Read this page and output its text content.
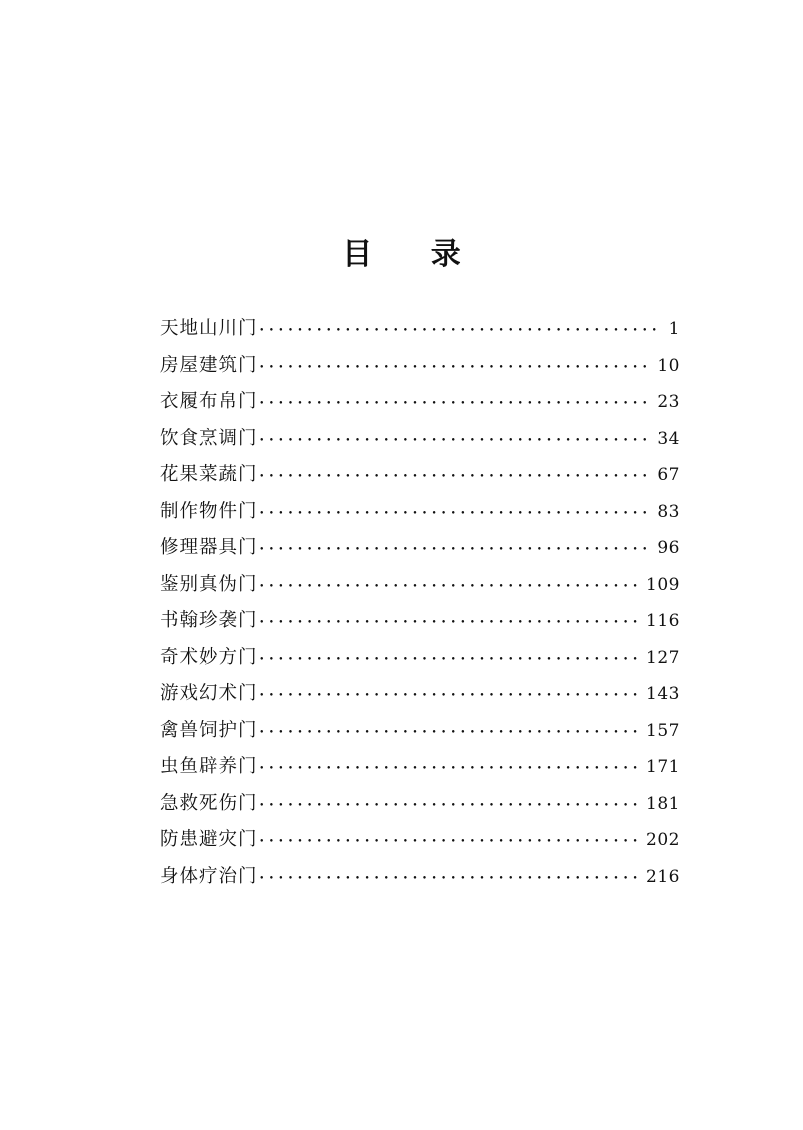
目 录
天地山川门 •••••	1
房屋建筑门 •••••	10
衣履布帛门 •••••	23
饮食烹调门 •••••	34
花果菜蔬门 •••••	67
制作物件门 •••••	83
修理器具门 •••••	96
鉴别真伪门 •••••	109
书翰珍袭门 •••••	116
奇术妙方门 •••••	127
游戏幻术门 •••••	143
禽兽饲护门 •••••	157
虫鱼辟养门 •••••	171
急救死伤门 •••••	181
防患避灾门 •••••	202
身体疗治门 •••••	216
